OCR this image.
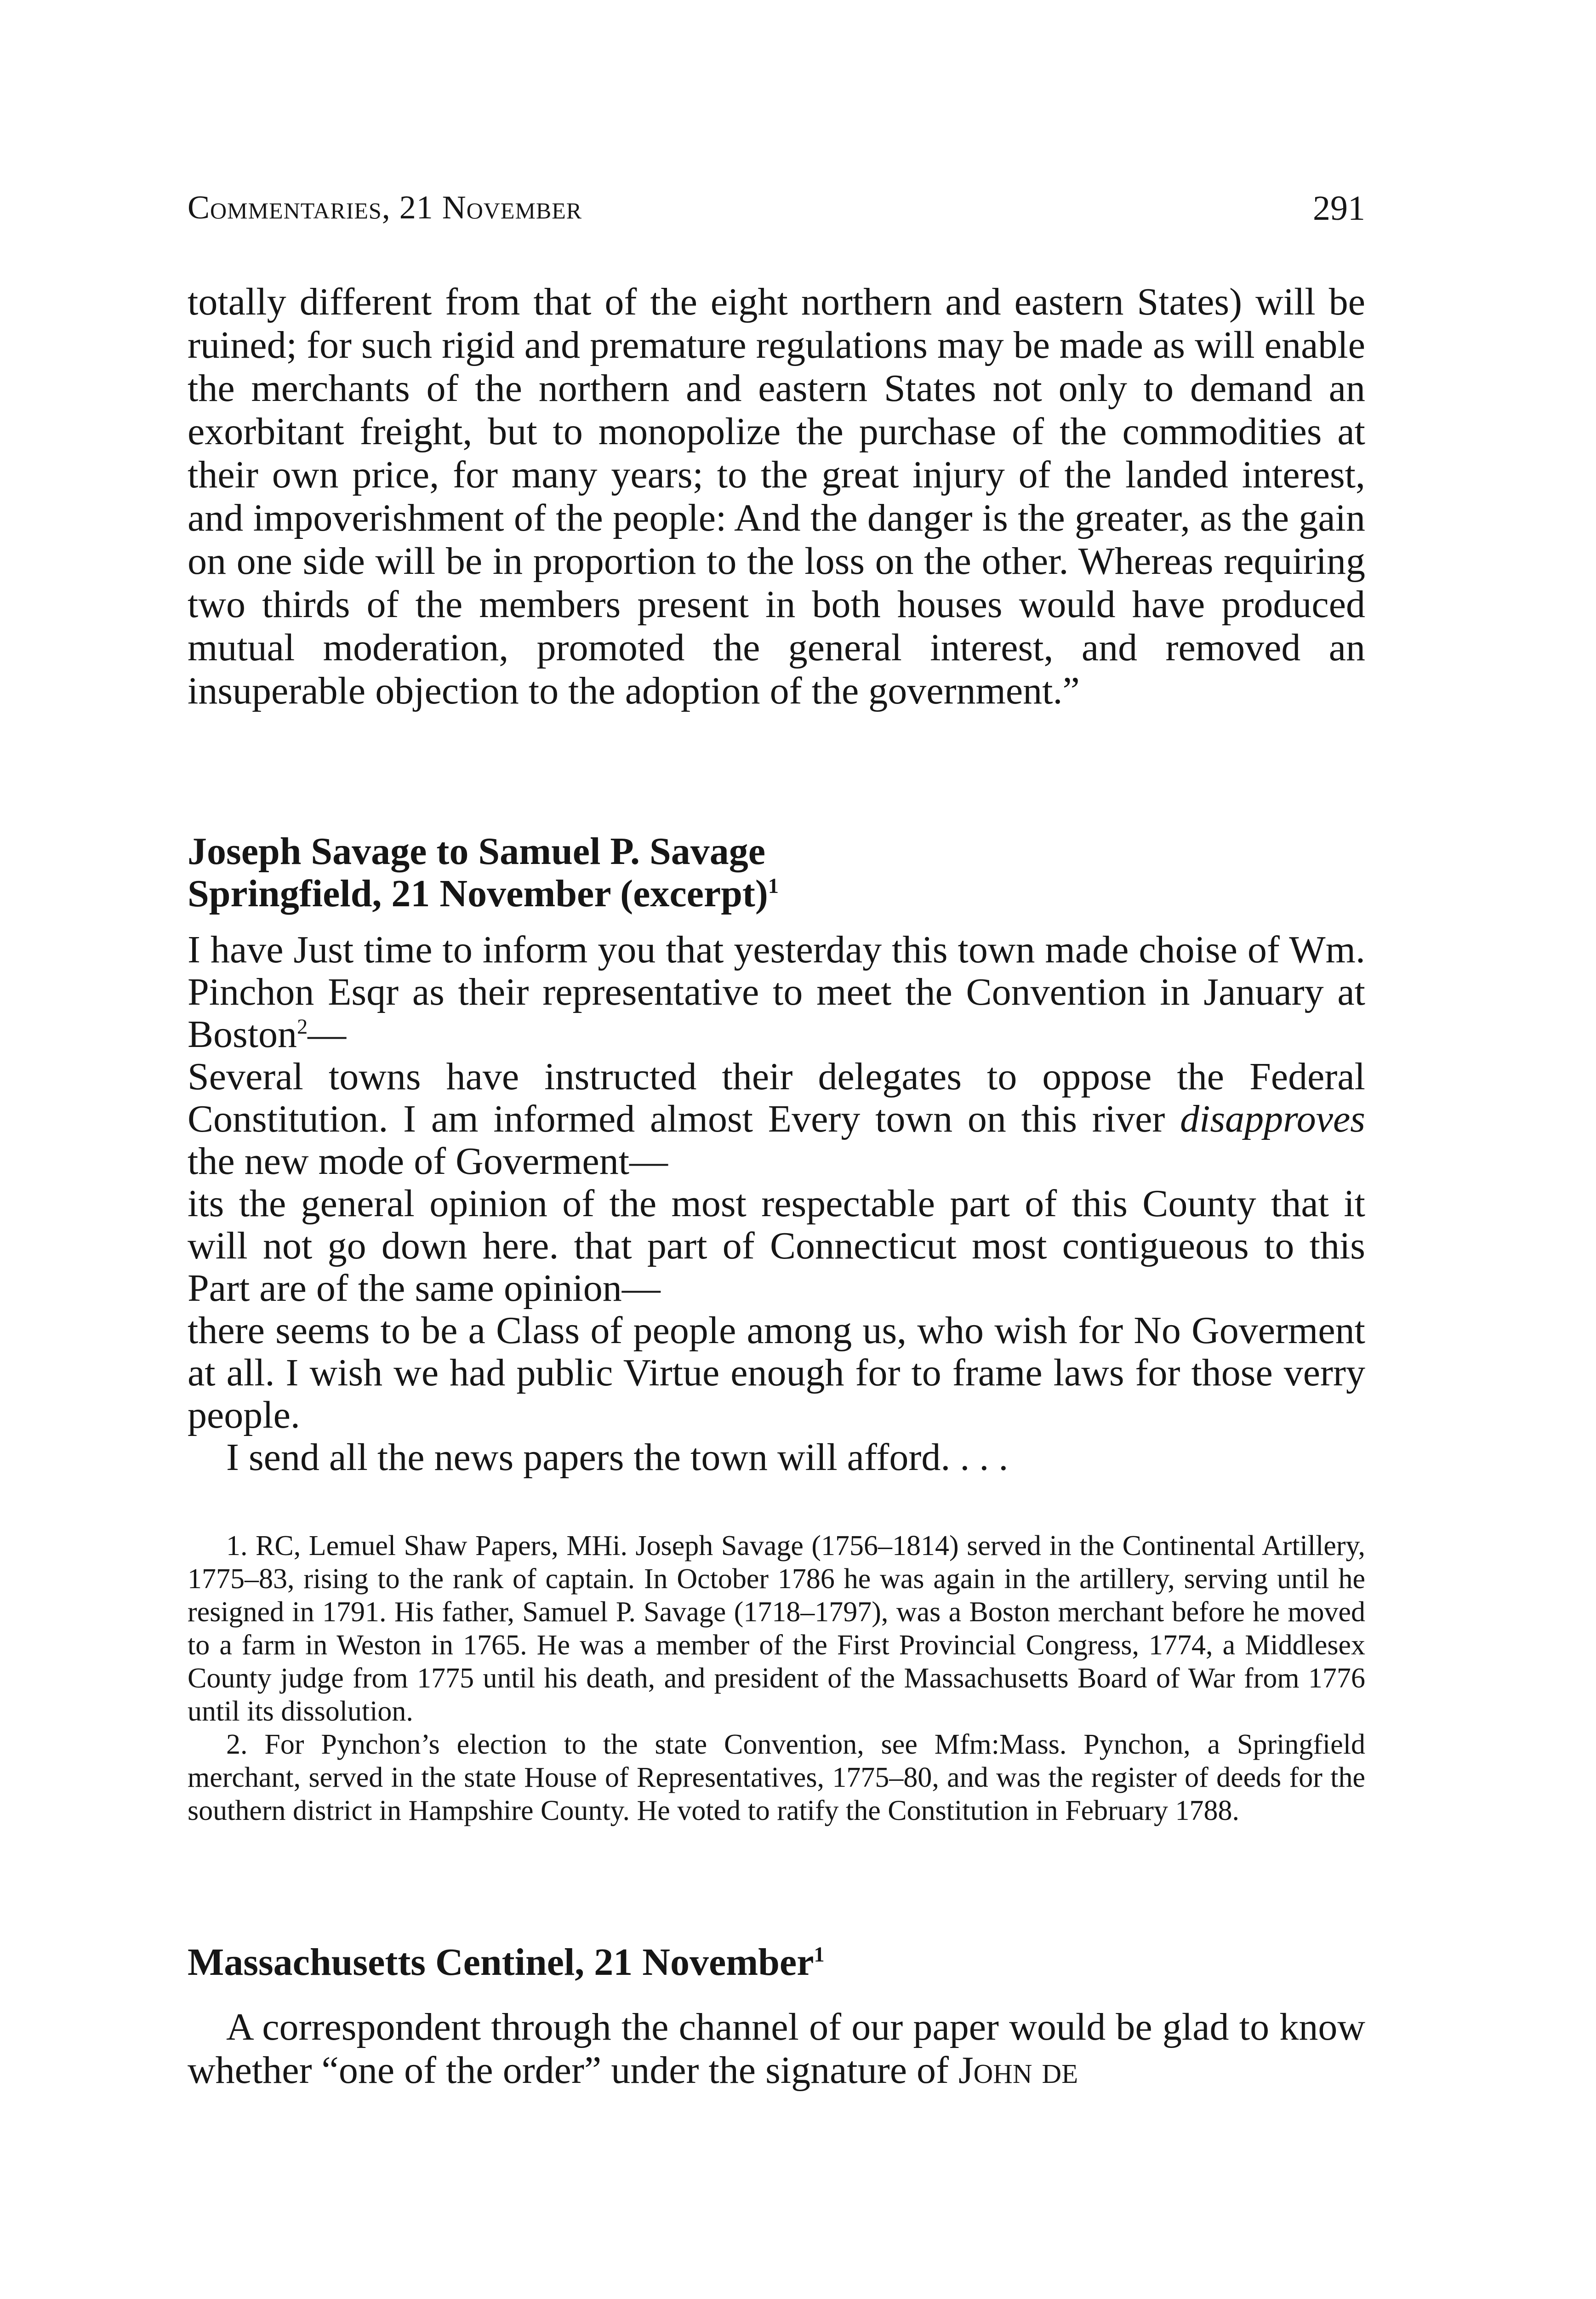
Commentaries, 21 November	291

totally different from that of the eight northern and eastern States) will be ruined; for such rigid and premature regulations may be made as will enable the merchants of the northern and eastern States not only to demand an exorbitant freight, but to monopolize the purchase of the commodities at their own price, for many years; to the great injury of the landed interest, and impoverishment of the people: And the danger is the greater, as the gain on one side will be in proportion to the loss on the other. Whereas requiring two thirds of the members present in both houses would have produced mutual moderation, promoted the general interest, and removed an insuperable objection to the adoption of the government.”

Joseph Savage to Samuel P. Savage
Springfield, 21 November (excerpt)$^1$

I have Just time to inform you that yesterday this town made choise of Wm. Pinchon Esqr as their representative to meet the Convention in January at Boston$^2$—

Several towns have instructed their delegates to oppose the Federal Constitution. I am informed almost Every town on this river disapproves the new mode of Goverment—

its the general opinion of the most respectable part of this County that it will not go down here. that part of Connecticut most contigueous to this Part are of the same opinion—

there seems to be a Class of people among us, who wish for No Goverment at all. I wish we had public Virtue enough for to frame laws for those verry people.

I send all the news papers the town will afford. . . .

1. RC, Lemuel Shaw Papers, MHi. Joseph Savage (1756–1814) served in the Continental Artillery, 1775–83, rising to the rank of captain. In October 1786 he was again in the artillery, serving until he resigned in 1791. His father, Samuel P. Savage (1718–1797), was a Boston merchant before he moved to a farm in Weston in 1765. He was a member of the First Provincial Congress, 1774, a Middlesex County judge from 1775 until his death, and president of the Massachusetts Board of War from 1776 until its dissolution.

2. For Pynchon’s election to the state Convention, see Mfm:Mass. Pynchon, a Springfield merchant, served in the state House of Representatives, 1775–80, and was the register of deeds for the southern district in Hampshire County. He voted to ratify the Constitution in February 1788.

Massachusetts Centinel, 21 November$^1$

A correspondent through the channel of our paper would be glad to know whether “one of the order” under the signature of John de
